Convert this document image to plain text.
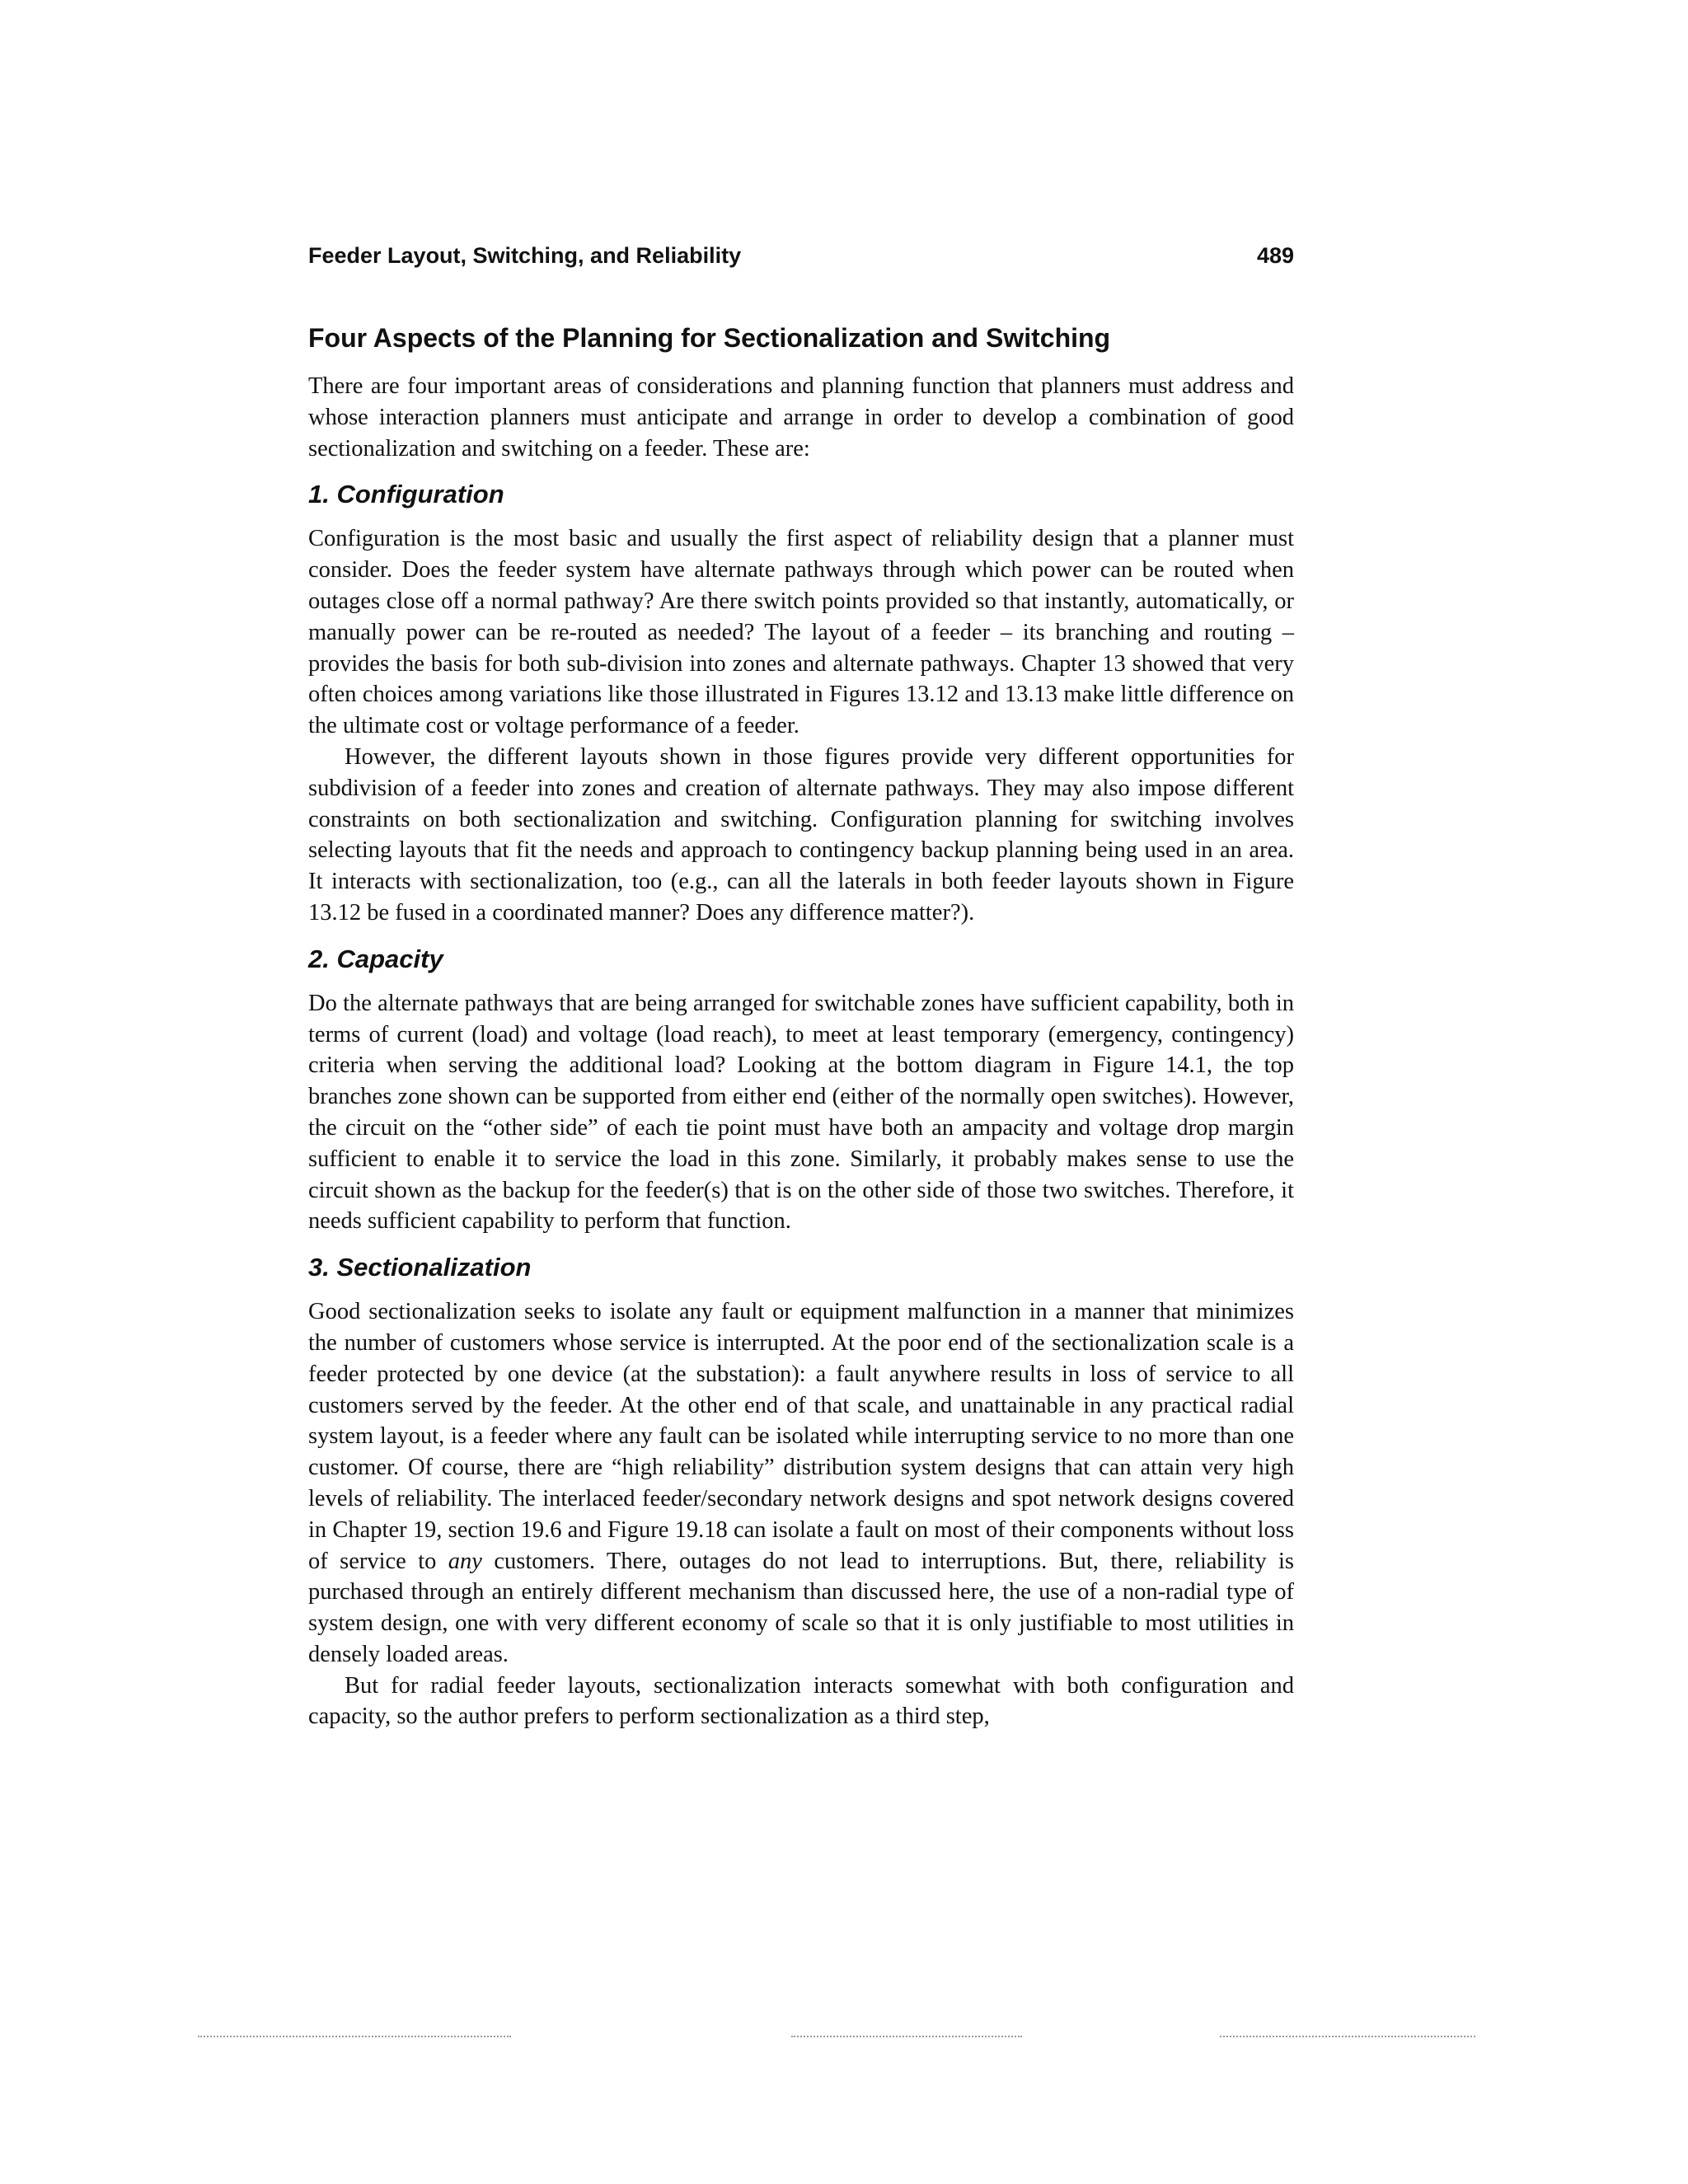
Feeder Layout, Switching, and Reliability	489
Four Aspects of the Planning for Sectionalization and Switching

There are four important areas of considerations and planning function that planners must address and whose interaction planners must anticipate and arrange in order to develop a combination of good sectionalization and switching on a feeder. These are:

1. Configuration

Configuration is the most basic and usually the first aspect of reliability design that a planner must consider. Does the feeder system have alternate pathways through which power can be routed when outages close off a normal pathway? Are there switch points provided so that instantly, automatically, or manually power can be re-routed as needed? The layout of a feeder – its branching and routing – provides the basis for both sub-division into zones and alternate pathways. Chapter 13 showed that very often choices among variations like those illustrated in Figures 13.12 and 13.13 make little difference on the ultimate cost or voltage performance of a feeder.

However, the different layouts shown in those figures provide very different opportunities for subdivision of a feeder into zones and creation of alternate pathways. They may also impose different constraints on both sectionalization and switching. Configuration planning for switching involves selecting layouts that fit the needs and approach to contingency backup planning being used in an area. It interacts with sectionalization, too (e.g., can all the laterals in both feeder layouts shown in Figure 13.12 be fused in a coordinated manner? Does any difference matter?).

2. Capacity

Do the alternate pathways that are being arranged for switchable zones have sufficient capability, both in terms of current (load) and voltage (load reach), to meet at least temporary (emergency, contingency) criteria when serving the additional load? Looking at the bottom diagram in Figure 14.1, the top branches zone shown can be supported from either end (either of the normally open switches). However, the circuit on the “other side” of each tie point must have both an ampacity and voltage drop margin sufficient to enable it to service the load in this zone. Similarly, it probably makes sense to use the circuit shown as the backup for the feeder(s) that is on the other side of those two switches. Therefore, it needs sufficient capability to perform that function.

3. Sectionalization

Good sectionalization seeks to isolate any fault or equipment malfunction in a manner that minimizes the number of customers whose service is interrupted. At the poor end of the sectionalization scale is a feeder protected by one device (at the substation): a fault anywhere results in loss of service to all customers served by the feeder. At the other end of that scale, and unattainable in any practical radial system layout, is a feeder where any fault can be isolated while interrupting service to no more than one customer. Of course, there are “high reliability” distribution system designs that can attain very high levels of reliability. The interlaced feeder/secondary network designs and spot network designs covered in Chapter 19, section 19.6 and Figure 19.18 can isolate a fault on most of their components without loss of service to any customers. There, outages do not lead to interruptions. But, there, reliability is purchased through an entirely different mechanism than discussed here, the use of a non-radial type of system design, one with very different economy of scale so that it is only justifiable to most utilities in densely loaded areas.

But for radial feeder layouts, sectionalization interacts somewhat with both configuration and capacity, so the author prefers to perform sectionalization as a third step,
